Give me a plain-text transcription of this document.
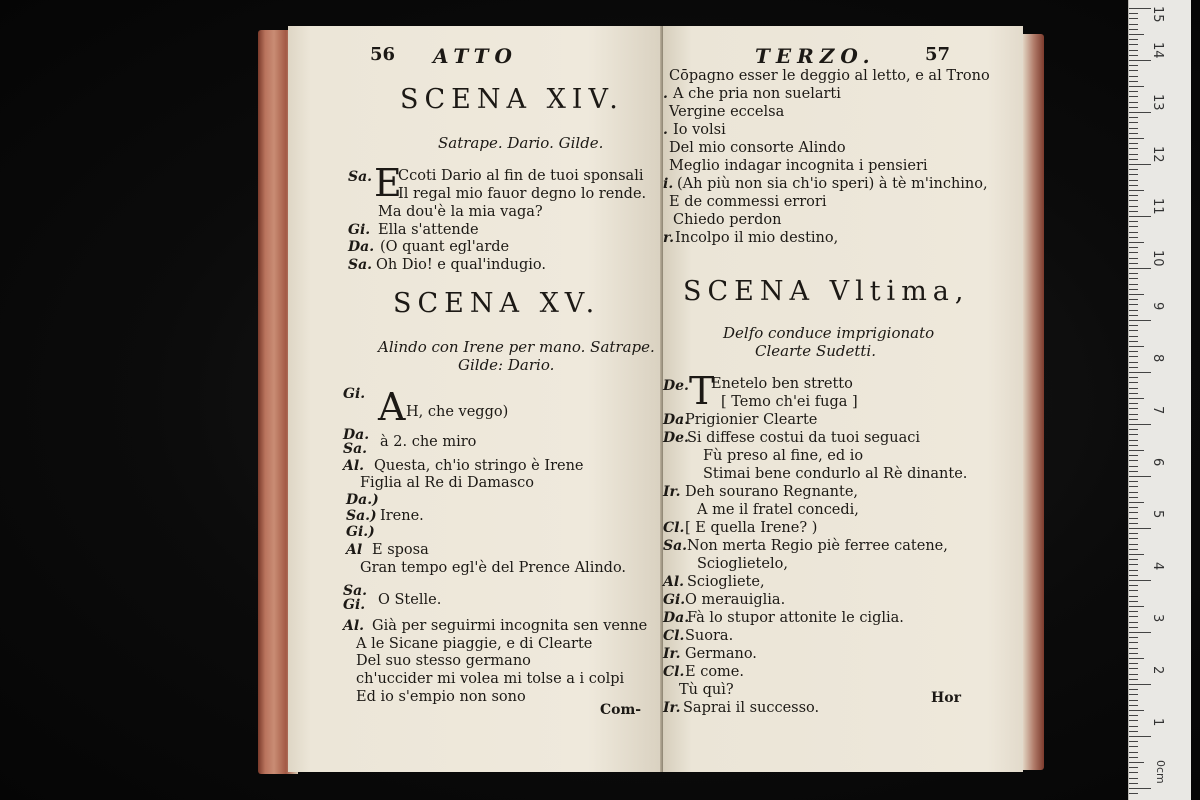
56 ATTO
SCENA XIV.
Satrape. Dario. Gilde.
Sa. E
Ccoti Dario al fin de tuoi sponsali
Il regal mio fauor degno lo rende.
Ma dou'è la mia vaga?
Gi. Ella s'attende
Da. (O quant egl'arde
Sa. Oh Dio! e qual'indugio.
SCENA XV.
Alindo con Irene per mano. Satrape.
Gilde: Dario.
Gi. A H, che veggo)
Da. Sa. à 2. che miro
Al. Questa, ch'io stringo è Irene
Figlia al Re di Damasco
Da.)
Sa.) Irene.
Gi.)
Al E sposa
Gran tempo egl'è del Prence Alindo.
Sa. Gi. O Stelle.
Al. Già per seguirmi incognita sen venne
A le Sicane piaggie, e di Clearte
Del suo stesso germano
ch'uccider mi volea mi tolse a i colpi
Ed io s'empio non sono
Com-
TERZO.	57
Cōpagno esser le deggio al letto, e al Trono
. A che pria non suelarti
Vergine eccelsa
. Io volsi
Del mio consorte Alindo
Meglio indagar incognita i pensieri
i. (Ah più non sia ch'io speri) à tè m'inchino,
E de commessi errori
Chiedo perdon
r. Incolpo il mio destino,
SCENA Vltima,
Delfo conduce imprigionato
Clearte Sudetti.
De. T
Enetelo ben stretto
[ Temo ch'ei fuga ]
Da.
Prigionier Clearte
De.
Si diffese costui da tuoi seguaci
Fù preso al fine, ed io
Stimai bene condurlo al Rè dinante.
Ir. Deh sourano Regnante,
A me il fratel concedi,
Cl. [ E quella Irene? )
Sa. Non merta Regio piè ferree catene,
Scioglietelo,
Al. Sciogliete,
Gi. O merauiglia.
Da.
Fà lo stupor attonite le ciglia.
Cl. Suora.
Ir. Germano.
Cl. E come.
Tù quì?
Ir. Saprai il successo.
Hor
15
14
13
12
11
10
9
8
7
6
5
4
3
2
1
0cm
